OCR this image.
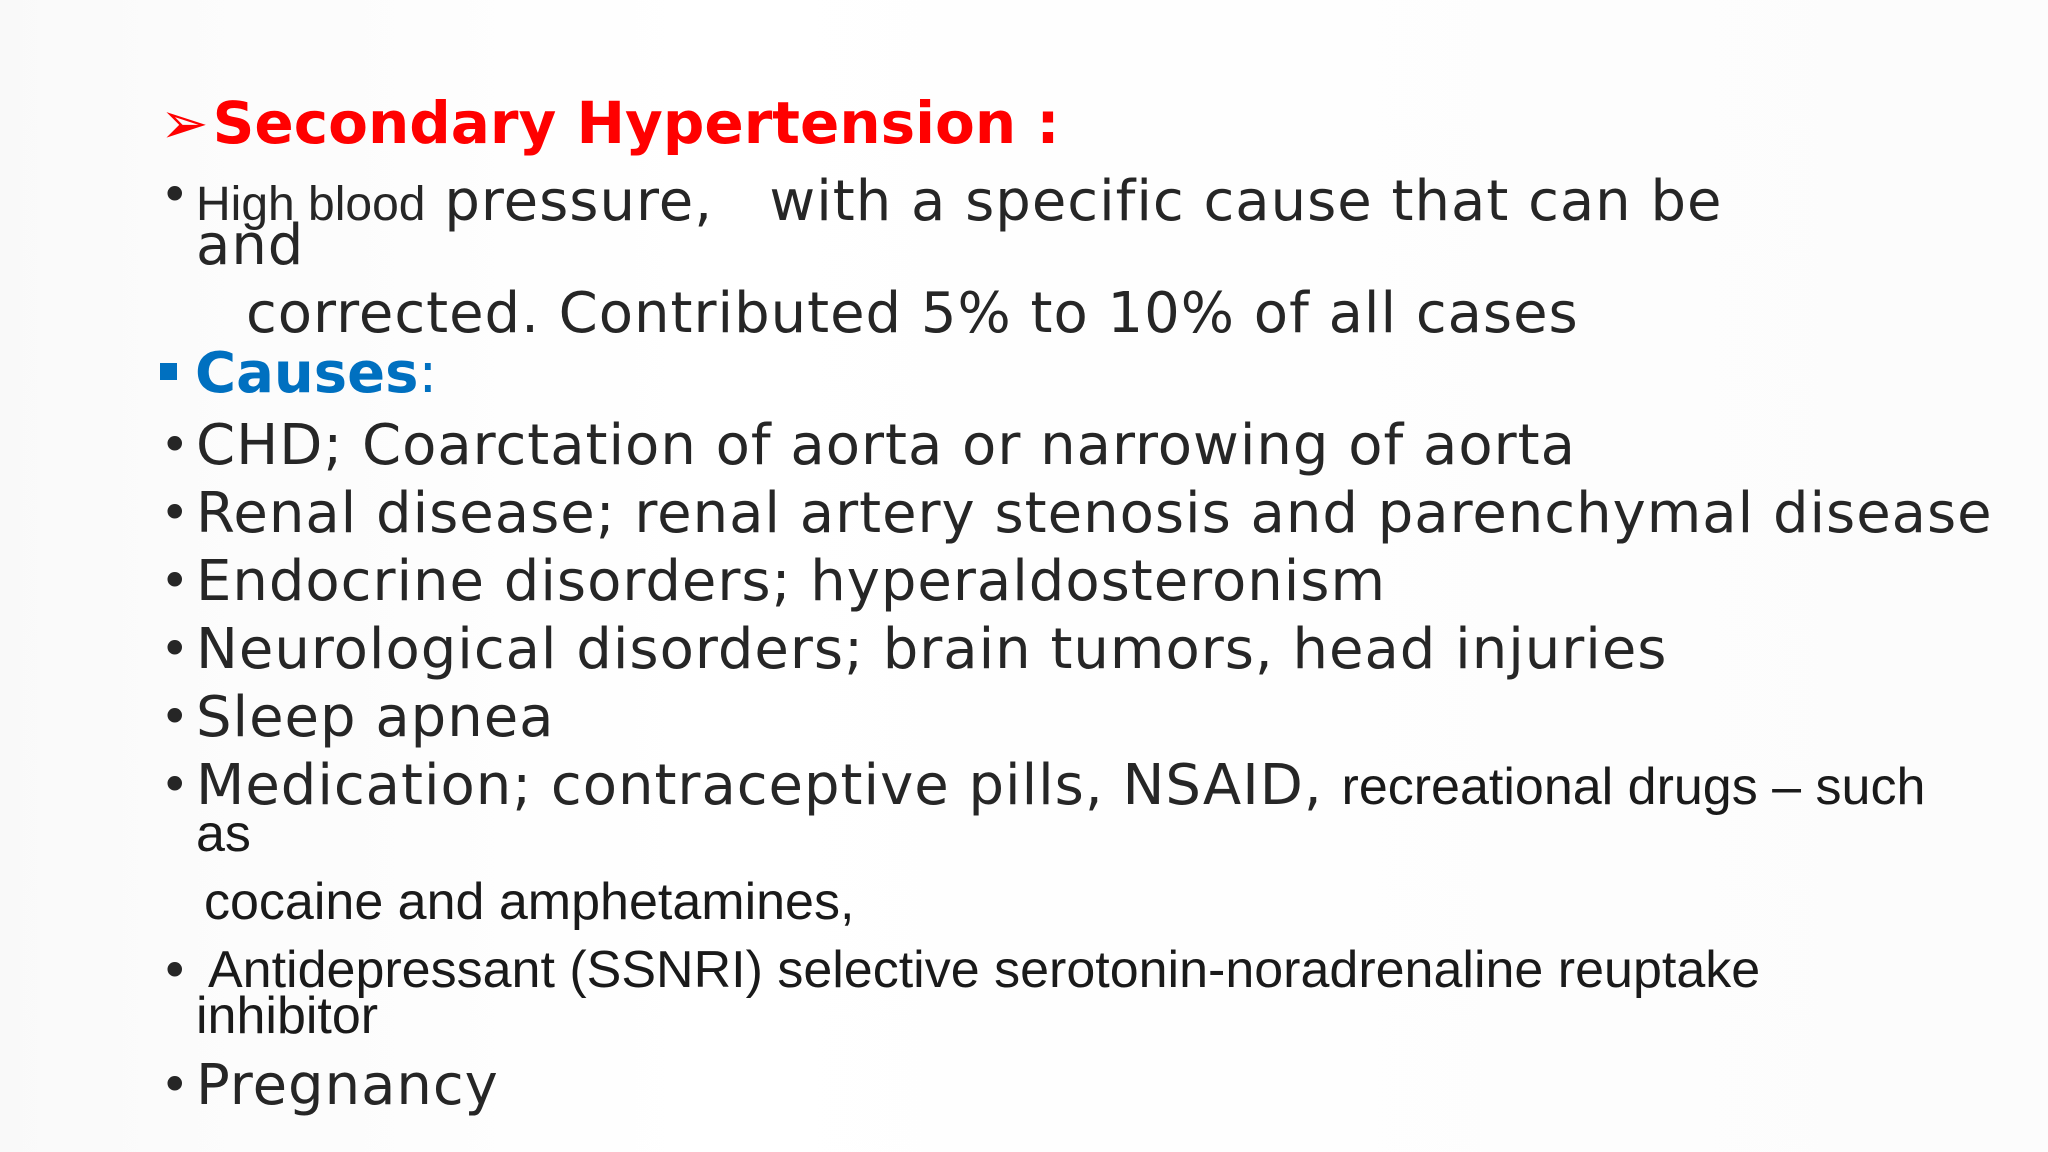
➢Secondary Hypertension :
• High blood pressure, with a specific cause that can be
and
corrected. Contributed 5% to 10% of all cases
Causes:
• CHD; Coarctation of aorta or narrowing of aorta
• Renal disease; renal artery stenosis and parenchymal disease
• Endocrine disorders; hyperaldosteronism
• Neurological disorders; brain tumors, head injuries
• Sleep apnea
• Medication; contraceptive pills, NSAID, recreational drugs – such
as
cocaine and amphetamines,
• Antidepressant (SSNRI) selective serotonin-noradrenaline reuptake
inhibitor
• Pregnancy
